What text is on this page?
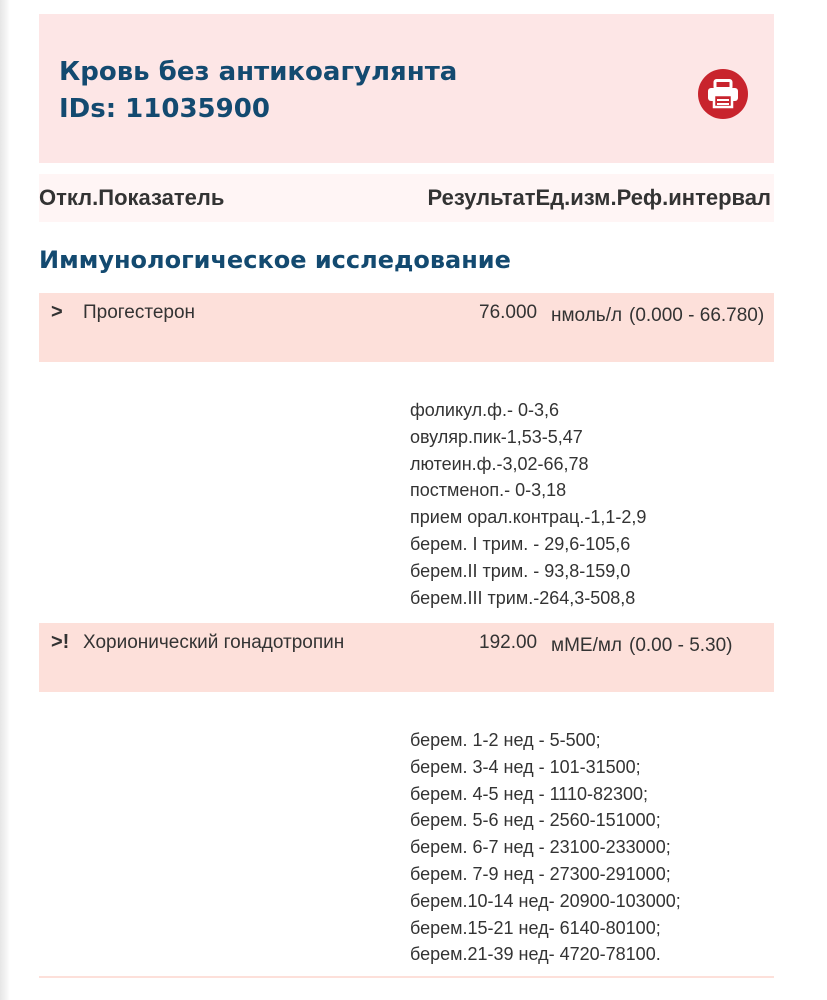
Кровь без антикоагулянта
IDs: 11035900
Откл.Показатель	РезультатЕд.изм.Реф.интервал
Иммунологическое исследование
> Прогестерон	76.000 нмоль/л (0.000 - 66.780)
фоликул.ф.- 0-3,6
овуляр.пик-1,53-5,47
лютеин.ф.-3,02-66,78
постменоп.- 0-3,18
прием орал.контрац.-1,1-2,9
берем. I трим. - 29,6-105,6
берем.II трим. - 93,8-159,0
берем.III трим.-264,3-508,8
>! Хорионический гонадотропин	192.00 мМЕ/мл (0.00 - 5.30)
берем. 1-2 нед - 5-500;
берем. 3-4 нед - 101-31500;
берем. 4-5 нед - 1110-82300;
берем. 5-6 нед - 2560-151000;
берем. 6-7 нед - 23100-233000;
берем. 7-9 нед - 27300-291000;
берем.10-14 нед- 20900-103000;
берем.15-21 нед- 6140-80100;
берем.21-39 нед- 4720-78100.
